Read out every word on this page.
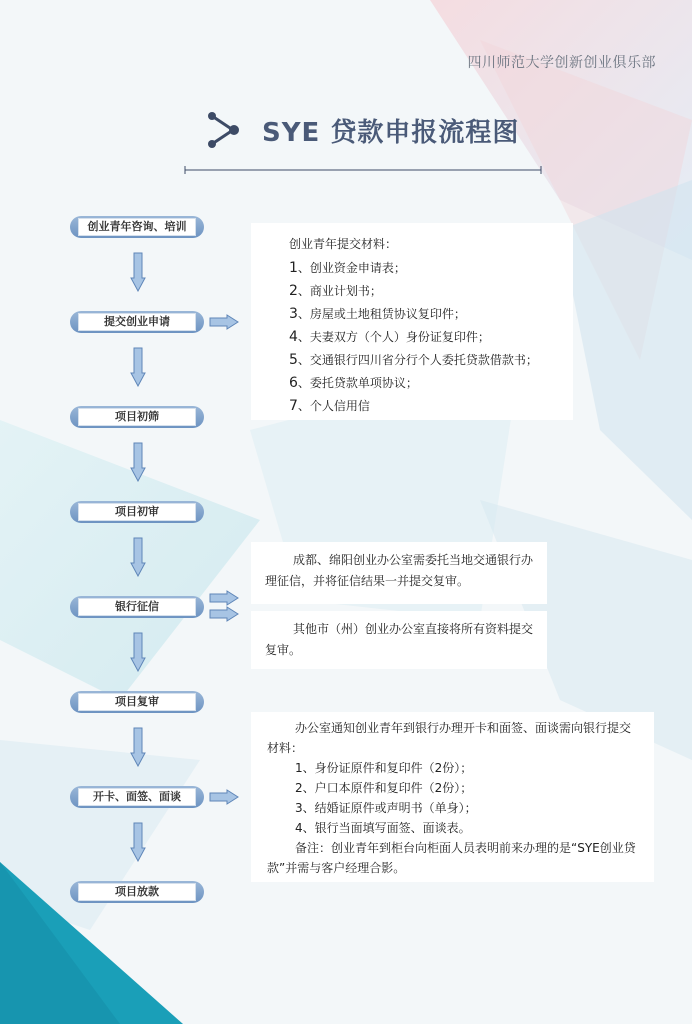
四川师范大学创新创业俱乐部
SYE 贷款申报流程图
创业青年咨询、培训
提交创业申请
项目初筛
项目初审
银行征信
项目复审
开卡、面签、面谈
项目放款
创业青年提交材料：
1、创业资金申请表；
2、商业计划书；
3、房屋或土地租赁协议复印件；
4、夫妻双方（个人）身份证复印件；
5、交通银行四川省分行个人委托贷款借款书；
6、委托贷款单项协议；
7、个人信用信
成都、绵阳创业办公室需委托当地交通银行办理征信，并将征信结果一并提交复审。
其他市（州）创业办公室直接将所有资料提交复审。
办公室通知创业青年到银行办理开卡和面签、面谈需向银行提交材料：
1、身份证原件和复印件（2份）；
2、户口本原件和复印件（2份）；
3、结婚证原件或声明书（单身）；
4、银行当面填写面签、面谈表。
备注：创业青年到柜台向柜面人员表明前来办理的是“SYE创业贷款”并需与客户经理合影。
